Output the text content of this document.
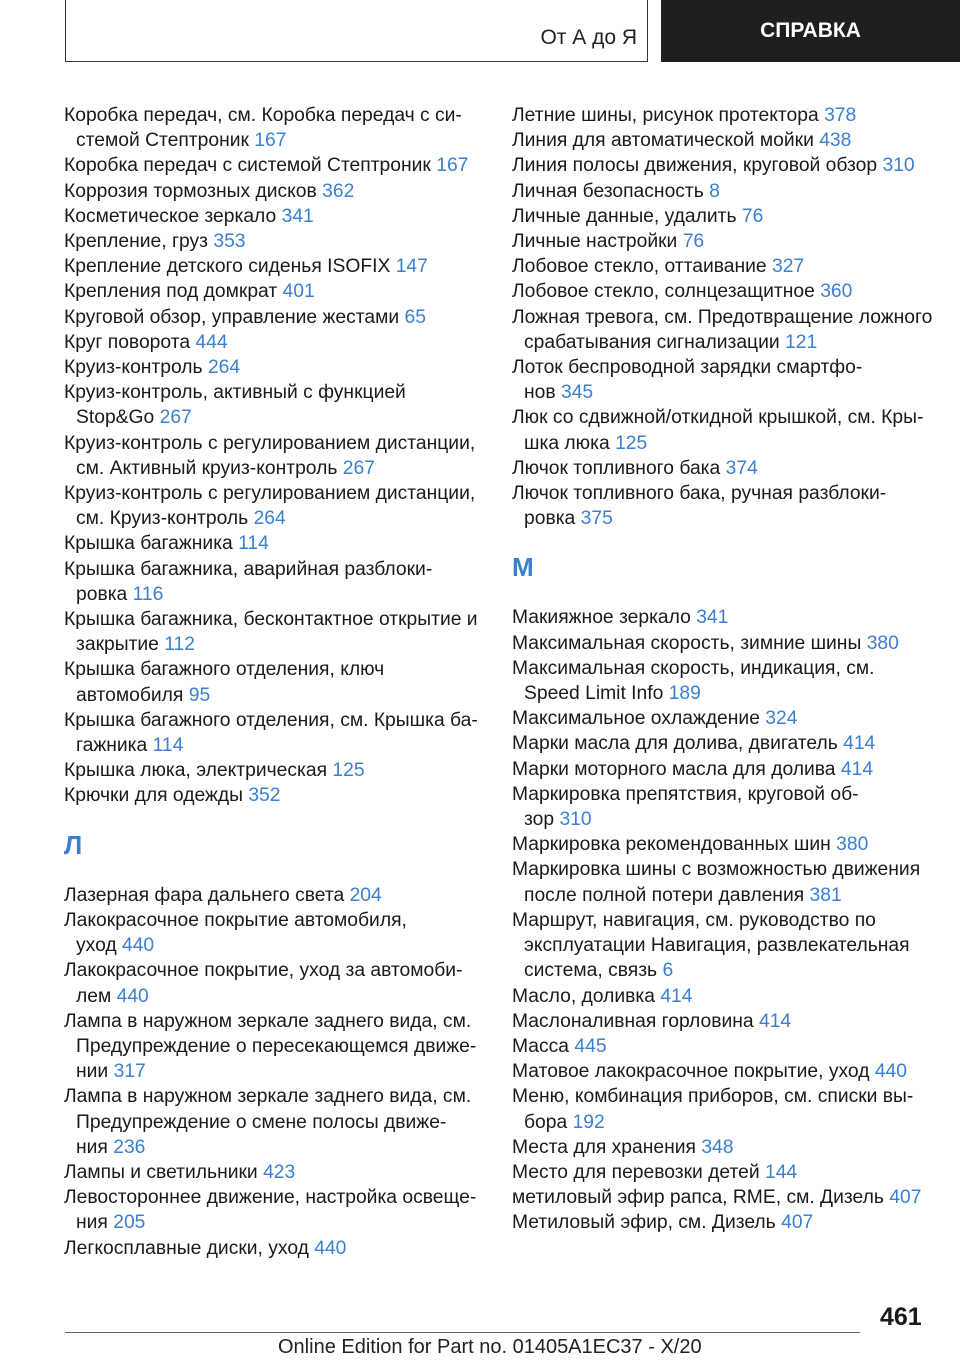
От А до Я	СПРАВКА
Коробка передач, см. Коробка передач с си-
стемой Стептроник 167
Коробка передач с системой Стептроник 167
Коррозия тормозных дисков 362
Косметическое зеркало 341
Крепление, груз 353
Крепление детского сиденья ISOFIX 147
Крепления под домкрат 401
Круговой обзор, управление жестами 65
Круг поворота 444
Круиз-контроль 264
Круиз-контроль, активный с функцией
Stop&Go 267
Круиз-контроль с регулированием дистанции,
см. Активный круиз-контроль 267
Круиз-контроль с регулированием дистанции,
см. Круиз-контроль 264
Крышка багажника 114
Крышка багажника, аварийная разблоки-
ровка 116
Крышка багажника, бесконтактное открытие и
закрытие 112
Крышка багажного отделения, ключ
автомобиля 95
Крышка багажного отделения, см. Крышка ба-
гажника 114
Крышка люка, электрическая 125
Крючки для одежды 352
Л
Лазерная фара дальнего света 204
Лакокрасочное покрытие автомобиля,
уход 440
Лакокрасочное покрытие, уход за автомоби-
лем 440
Лампа в наружном зеркале заднего вида, см.
Предупреждение о пересекающемся движе-
нии 317
Лампа в наружном зеркале заднего вида, см.
Предупреждение о смене полосы движе-
ния 236
Лампы и светильники 423
Левостороннее движение, настройка освеще-
ния 205
Легкосплавные диски, уход 440
Летние шины, рисунок протектора 378
Линия для автоматической мойки 438
Линия полосы движения, круговой обзор 310
Личная безопасность 8
Личные данные, удалить 76
Личные настройки 76
Лобовое стекло, оттаивание 327
Лобовое стекло, солнцезащитное 360
Ложная тревога, см. Предотвращение ложного
срабатывания сигнализации 121
Лоток беспроводной зарядки смартфо-
нов 345
Люк со сдвижной/откидной крышкой, см. Кры-
шка люка 125
Лючок топливного бака 374
Лючок топливного бака, ручная разблоки-
ровка 375
М
Макияжное зеркало 341
Максимальная скорость, зимние шины 380
Максимальная скорость, индикация, см.
Speed Limit Info 189
Максимальное охлаждение 324
Марки масла для долива, двигатель 414
Марки моторного масла для долива 414
Маркировка препятствия, круговой об-
зор 310
Маркировка рекомендованных шин 380
Маркировка шины с возможностью движения
после полной потери давления 381
Маршрут, навигация, см. руководство по
эксплуатации Навигация, развлекательная
система, связь 6
Масло, доливка 414
Маслоналивная горловина 414
Масса 445
Матовое лакокрасочное покрытие, уход 440
Меню, комбинация приборов, см. списки вы-
бора 192
Места для хранения 348
Место для перевозки детей 144
метиловый эфир рапса, RME, см. Дизель 407
Метиловый эфир, см. Дизель 407
461
Online Edition for Part no. 01405A1EC37 - X/20
